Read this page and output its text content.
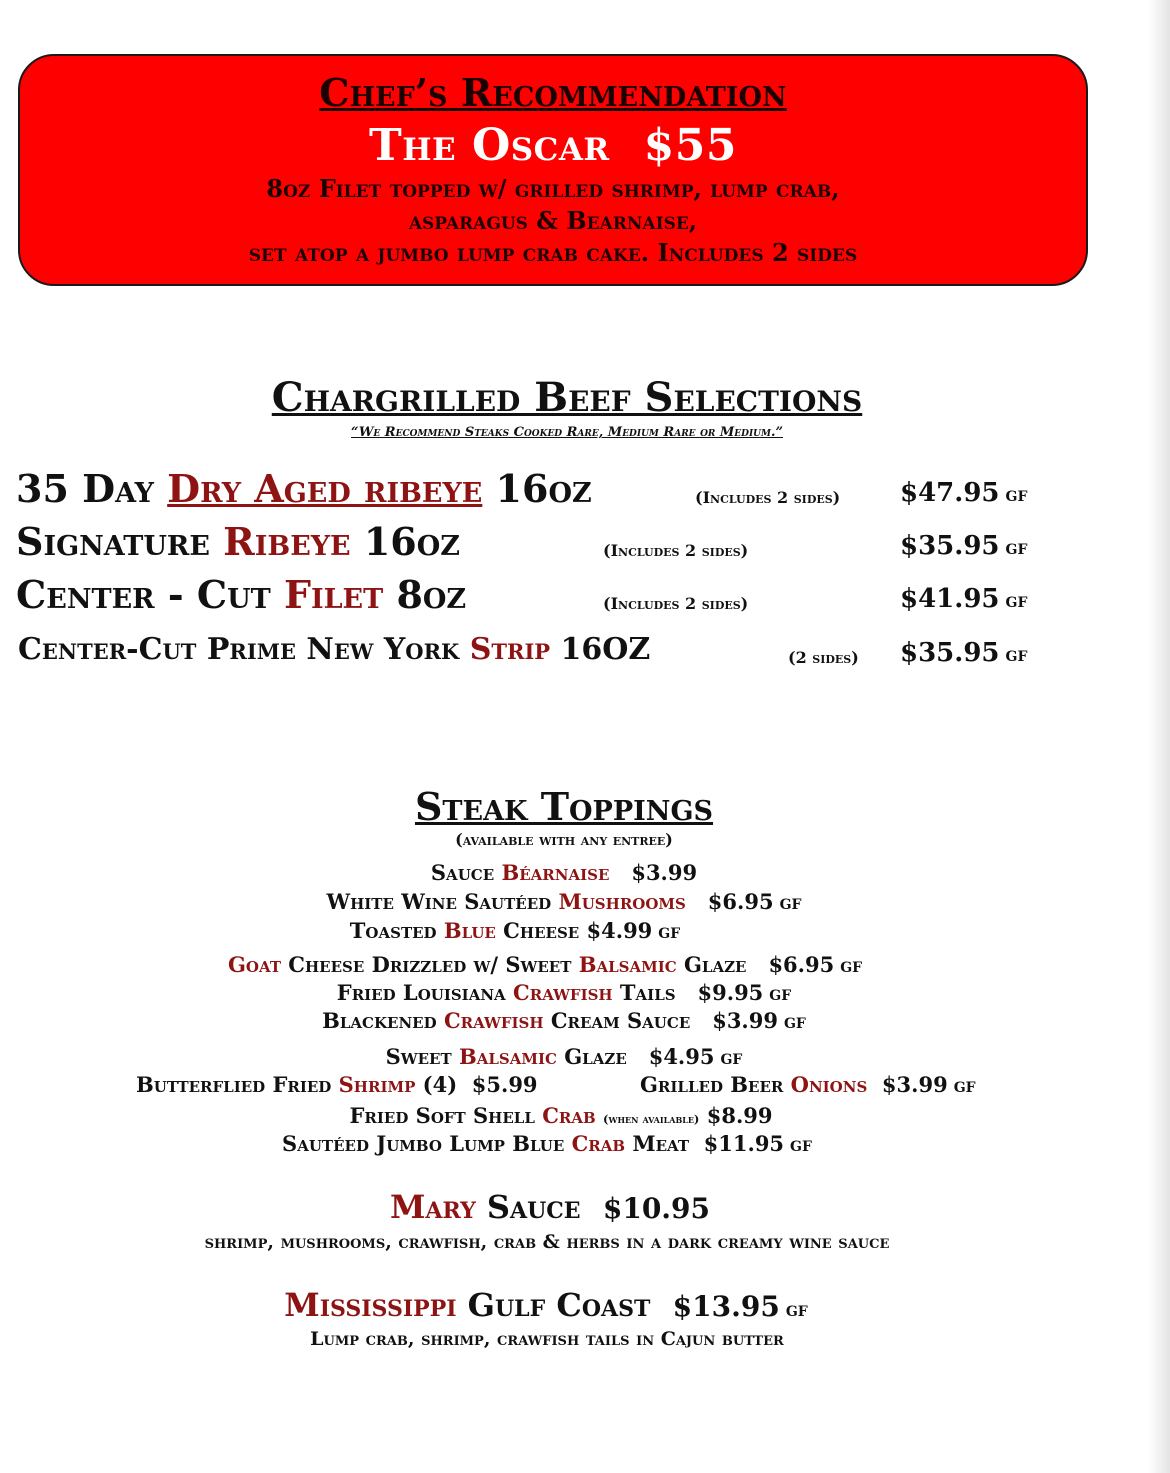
Chef’s Recommendation
The Oscar $55
8oz Filet topped w/ grilled shrimp, lump crab,
asparagus & Bearnaise,
set atop a jumbo lump crab cake. Includes 2 sides
Chargrilled Beef Selections
“We Recommend Steaks Cooked Rare, Medium Rare or Medium.”
35 Day Dry Aged ribeye 16oz	(Includes 2 sides) $47.95 GF
Signature Ribeye 16oz	(Includes 2 sides)	$35.95 GF
Center - Cut Filet 8oz	(Includes 2 sides)	$41.95 GF
Center-Cut Prime New York Strip 16OZ	(2 sides) $35.95 GF
Steak Toppings
(available with any entree)
Sauce Béarnaise $3.99
White Wine Sautéed Mushrooms $6.95 GF
Toasted Blue Cheese $4.99 GF
Goat Cheese Drizzled w/ Sweet Balsamic Glaze $6.95 GF
Fried Louisiana Crawfish Tails $9.95 GF
Blackened Crawfish Cream Sauce $3.99 GF
Sweet Balsamic Glaze $4.95 GF
Butterflied Fried Shrimp (4) $5.99	Grilled Beer Onions $3.99 GF
Fried Soft Shell Crab (when available) $8.99
Sautéed Jumbo Lump Blue Crab Meat $11.95 GF
Mary Sauce $10.95
shrimp, mushrooms, crawfish, crab & herbs in a dark creamy wine sauce
Mississippi Gulf Coast $13.95 GF
Lump crab, shrimp, crawfish tails in Cajun butter
